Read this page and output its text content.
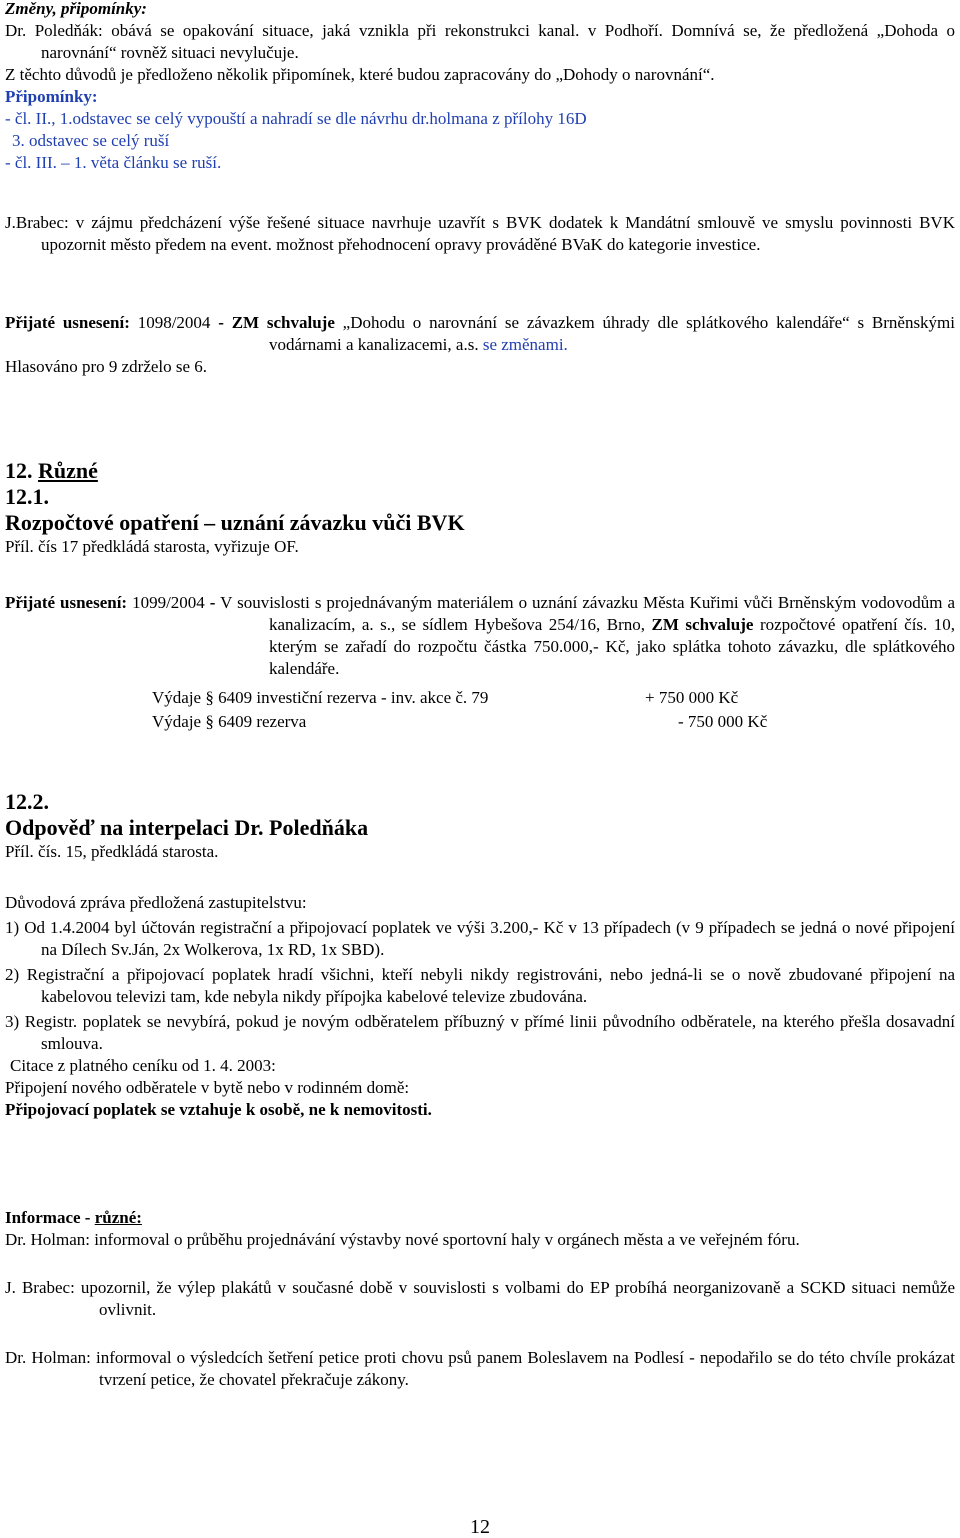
Změny, připomínky:

Dr. Poledňák: obává se opakování situace, jaká vznikla při rekonstrukci kanal. v Podhoří. Domnívá se, že předložená „Dohoda o narovnání“ rovněž situaci nevylučuje.

Z těchto důvodů je předloženo několik připomínek, které budou zapracovány do „Dohody o narovnání“.

Připomínky:

- čl. II., 1.odstavec se celý vypouští a nahradí se dle návrhu dr.holmana z přílohy 16D

3. odstavec se celý ruší

- čl. III. – 1. věta článku se ruší.

J.Brabec: v zájmu předcházení výše řešené situace navrhuje uzavřít s BVK dodatek k Mandátní smlouvě ve smyslu povinnosti BVK upozornit město předem na event. možnost přehodnocení opravy prováděné BVaK do kategorie investice.

Přijaté usnesení: 1098/2004 - ZM schvaluje „Dohodu o narovnání se závazkem úhrady dle splátkového kalendáře“ s Brněnskými vodárnami a kanalizacemi, a.s. se změnami.

Hlasováno pro 9 zdrželo se 6.

12. Různé

12.1.

Rozpočtové opatření – uznání závazku vůči BVK

Příl. čís 17 předkládá starosta, vyřizuje OF.

Přijaté usnesení: 1099/2004 - V souvislosti s projednávaným materiálem o uznání závazku Města Kuřimi vůči Brněnským vodovodům a kanalizacím, a. s., se sídlem Hybešova 254/16, Brno, ZM schvaluje rozpočtové opatření čís. 10, kterým se zařadí do rozpočtu částka 750.000,- Kč, jako splátka tohoto závazku, dle splátkového kalendáře.

Výdaje § 6409 investiční rezerva - inv. akce č. 79	+ 750 000 Kč
Výdaje § 6409 rezerva	- 750 000 Kč

12.2.

Odpověď na interpelaci Dr. Poledňáka

Příl. čís. 15, předkládá starosta.

Důvodová zpráva předložená zastupitelstvu:

1) Od 1.4.2004 byl účtován registrační a připojovací poplatek ve výši 3.200,- Kč v 13 případech (v 9 případech se jedná o nové připojení na Dílech Sv.Ján, 2x Wolkerova, 1x RD, 1x SBD).

2) Registrační a připojovací poplatek hradí všichni, kteří nebyli nikdy registrováni, nebo jedná-li se o nově zbudované připojení na kabelovou televizi tam, kde nebyla nikdy přípojka kabelové televize zbudována.

3) Registr. poplatek se nevybírá, pokud je novým odběratelem příbuzný v přímé linii původního odběratele, na kterého přešla dosavadní smlouva.

Citace z platného ceníku od 1. 4. 2003:

Připojení nového odběratele v bytě nebo v rodinném domě:

Připojovací poplatek se vztahuje k osobě, ne k nemovitosti.

Informace - různé:

Dr. Holman: informoval o průběhu projednávání výstavby nové sportovní haly v orgánech města a ve veřejném fóru.

J. Brabec: upozornil, že výlep plakátů v současné době v souvislosti s volbami do EP probíhá neorganizovaně a SCKD situaci nemůže ovlivnit.

Dr. Holman: informoval o výsledcích šetření petice proti chovu psů panem Boleslavem na Podlesí - nepodařilo se do této chvíle prokázat tvrzení petice, že chovatel překračuje zákony.

12
